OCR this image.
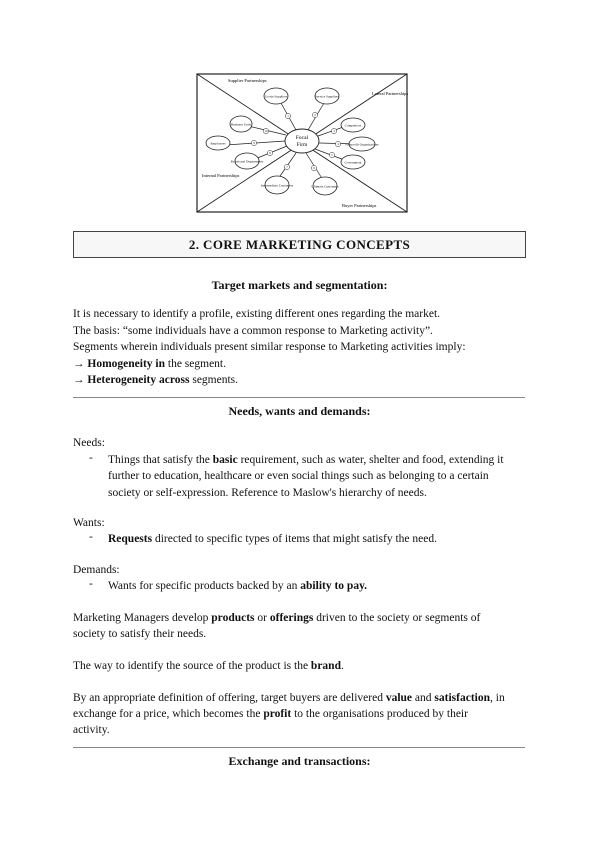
Supplier Partnerships
Lateral Partnerships
Internal Partnerships
Buyer Partnerships
Focal
Firm
Goods Suppliers	Service Suppliers
Competitors
Nonprofit Organizations
Government
Ultimate Customers
Intermediate Customers
Functional Departments
Employees
Business Units
1	2
3
4
5
6
7
8
9
10
2. CORE MARKETING CONCEPTS
Target markets and segmentation:
It is necessary to identify a profile, existing different ones regarding the market.
The basis: “some individuals have a common response to Marketing activity”.
Segments wherein individuals present similar response to Marketing activities imply:
→ Homogeneity in the segment.
→ Heterogeneity across segments.
Needs, wants and demands:
Needs:
- Things that satisfy the basic requirement, such as water, shelter and food, extending it
further to education, healthcare or even social things such as belonging to a certain
society or self-expression. Reference to Maslow's hierarchy of needs.
Wants:
- Requests directed to specific types of items that might satisfy the need.
Demands:
- Wants for specific products backed by an ability to pay.
Marketing Managers develop products or offerings driven to the society or segments of
society to satisfy their needs.
The way to identify the source of the product is the brand.
By an appropriate definition of offering, target buyers are delivered value and satisfaction, in
exchange for a price, which becomes the profit to the organisations produced by their
activity.
Exchange and transactions:
